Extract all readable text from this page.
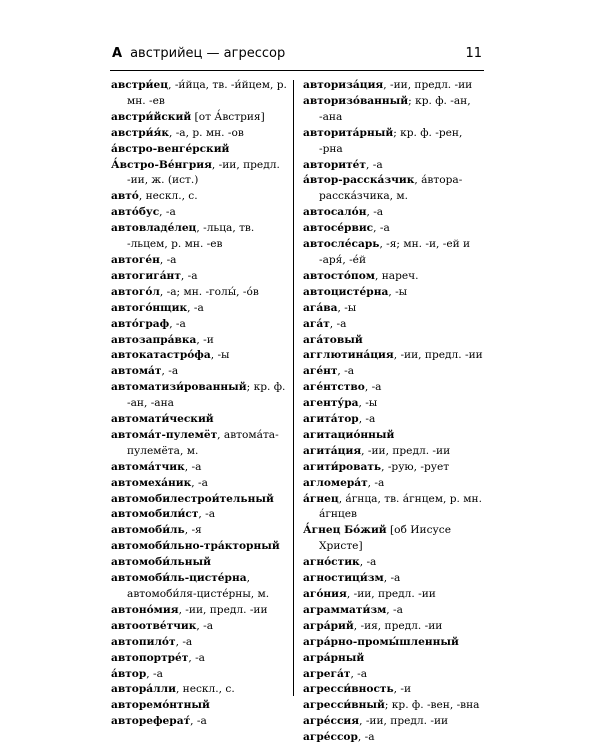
А австрийец — агрессор	11

австри́ец, -и́йца, тв. -и́йцем, р. мн. -ев

австри́йский [от А́встрия]

австри́я́к, -а, р. мн. -ов

а́встро-венге́рский

А́встро-Ве́нгрия, -ии, предл. -ии, ж. (ист.)

авто́, нескл., с.

авто́бус, -а

автовладе́лец, -льца, тв. -льцем, р. мн. -ев

автоге́н, -а

автогига́нт, -а

автого́л, -а; мн. -голы́, -о́в

автого́нщик, -а

авто́граф, -а

автозапра́вка, -и

автокатастро́фа, -ы

автома́т, -а

автоматизи́рованный; кр. ф. -ан, -ана

автомати́ческий

автома́т-пулемёт, автома́та-пулемёта, м.

автома́тчик, -а

автомеха́ник, -а

автомобилестрои́тельный

автомобили́ст, -а

автомоби́ль, -я

автомоби́льно-тра́кторный

автомоби́льный

автомоби́ль-цисте́рна, автомоби́ля-цисте́рны, м.

автоно́мия, -ии, предл. -ии

автоотве́тчик, -а

автопило́т, -а

автопортре́т, -а

а́втор, -а

автора́лли, нескл., с.

авторемо́нтный

автореферат́, -а

авториза́ция, -ии, предл. -ии

авторизо́ванный; кр. ф. -ан, -ана

авторита́рный; кр. ф. -рен, -рна

авторите́т, -а

а́втор-расска́зчик, а́втора-расска́зчика, м.

автосало́н, -а

автосе́рвис, -а

автосле́сарь, -я; мн. -и, -ей и -аря́, -е́й

автосто́пом, нареч.

автоцисте́рна, -ы

ага́ва, -ы

ага́т, -а

ага́товый

агглютина́ция, -ии, предл. -ии

аге́нт, -а

аге́нтство, -а

агенту́ра, -ы

агита́тор, -а

агитацио́нный

агита́ция, -ии, предл. -ии

агити́ровать, -рую, -рует

агломера́т, -а

а́гнец, а́гнца, тв. а́гнцем, р. мн. а́гнцев

А́гнец Бо́жий [об Иисусе Христе]

агно́стик, -а

агностици́зм, -а

аго́ния, -ии, предл. -ии

аграммати́зм, -а

агра́рий, -ия, предл. -ии

агра́рно-промы́шленный

агра́рный

агрега́т, -а

агресси́вность, -и

агресси́вный; кр. ф. -вен, -вна

агре́ссия, -ии, предл. -ии

агре́ссор, -а
